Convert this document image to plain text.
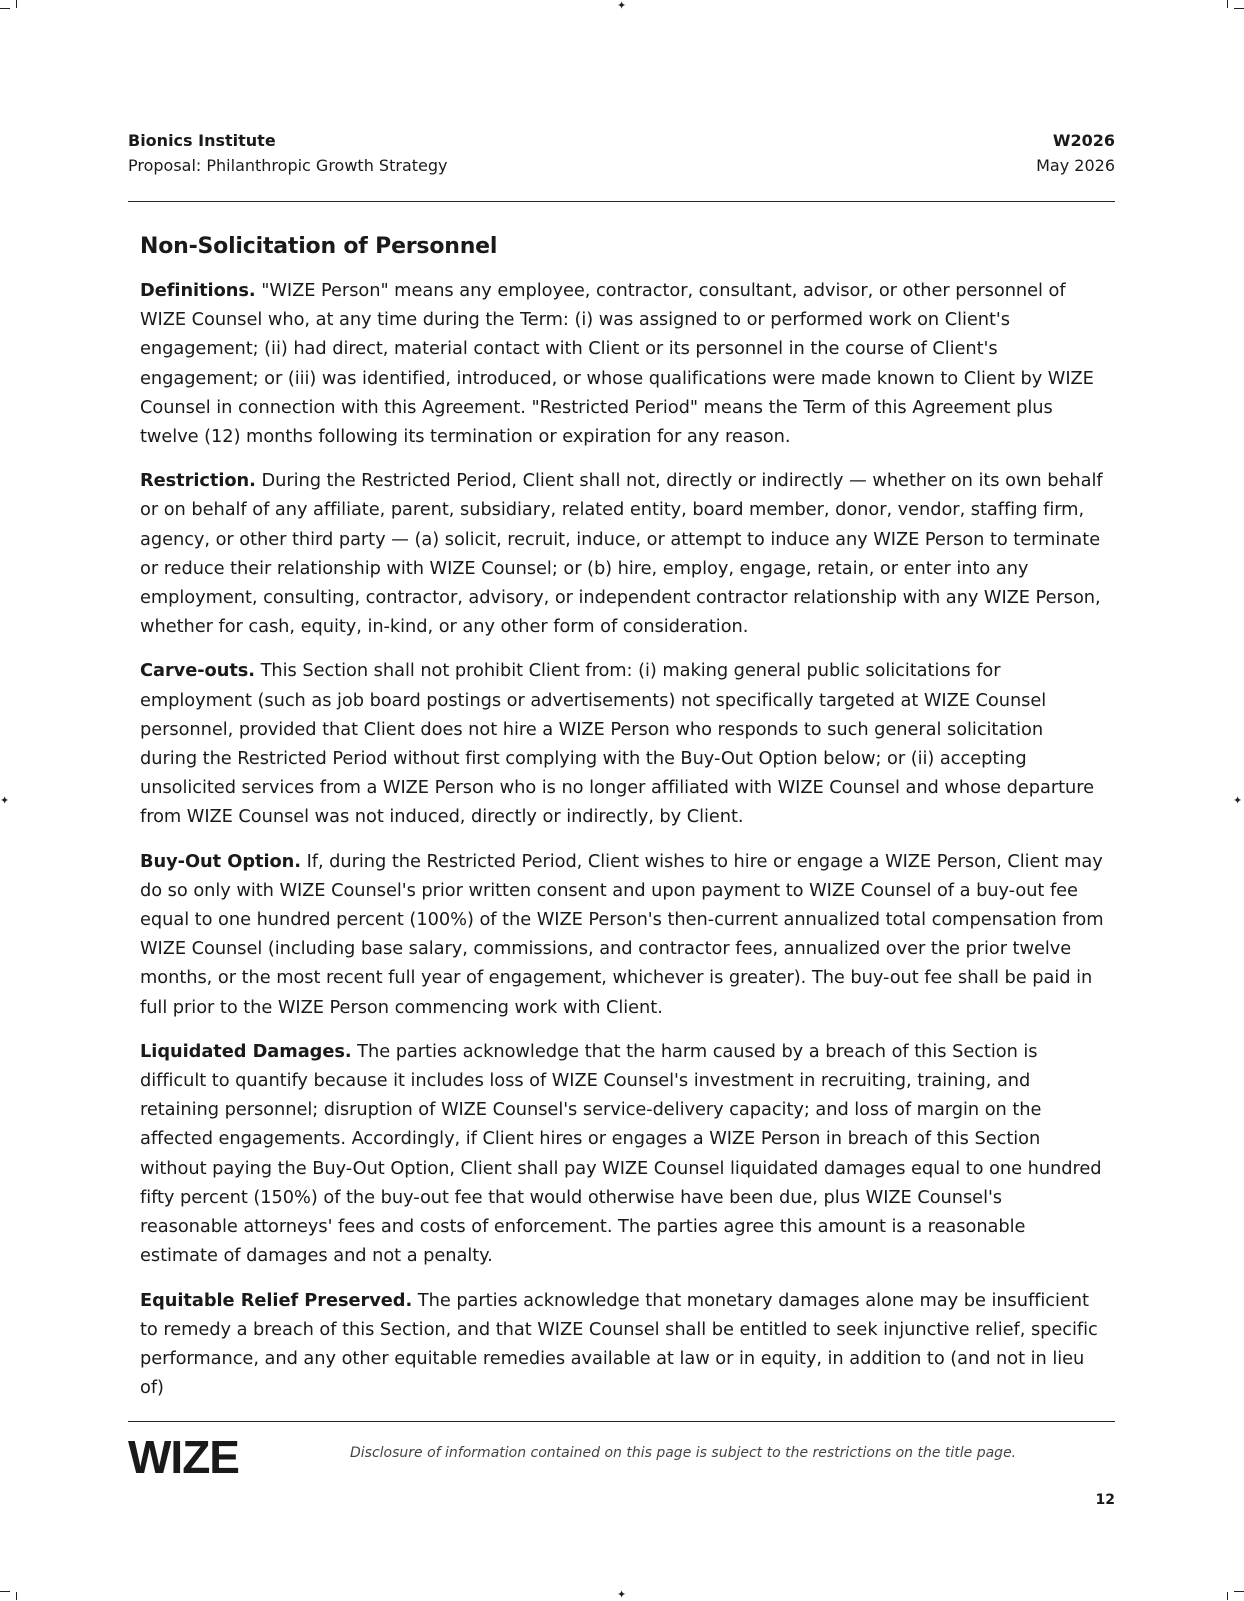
✦
✦
✦	✦
Bionics Institute
Proposal: Philanthropic Growth Strategy
W2026
May 2026
Non-Solicitation of Personnel

Definitions. "WIZE Person" means any employee, contractor, consultant, advisor, or other personnel of WIZE Counsel who, at any time during the Term: (i) was assigned to or performed work on Client's engagement; (ii) had direct, material contact with Client or its personnel in the course of Client's engagement; or (iii) was identified, introduced, or whose qualifications were made known to Client by WIZE Counsel in connection with this Agreement. "Restricted Period" means the Term of this Agreement plus twelve (12) months following its termination or expiration for any reason.

Restriction. During the Restricted Period, Client shall not, directly or indirectly — whether on its own behalf or on behalf of any affiliate, parent, subsidiary, related entity, board member, donor, vendor, staffing firm, agency, or other third party — (a) solicit, recruit, induce, or attempt to induce any WIZE Person to terminate or reduce their relationship with WIZE Counsel; or (b) hire, employ, engage, retain, or enter into any employment, consulting, contractor, advisory, or independent contractor relationship with any WIZE Person, whether for cash, equity, in-kind, or any other form of consideration.

Carve-outs. This Section shall not prohibit Client from: (i) making general public solicitations for employment (such as job board postings or advertisements) not specifically targeted at WIZE Counsel personnel, provided that Client does not hire a WIZE Person who responds to such general solicitation during the Restricted Period without first complying with the Buy-Out Option below; or (ii) accepting unsolicited services from a WIZE Person who is no longer affiliated with WIZE Counsel and whose departure from WIZE Counsel was not induced, directly or indirectly, by Client.

Buy-Out Option. If, during the Restricted Period, Client wishes to hire or engage a WIZE Person, Client may do so only with WIZE Counsel's prior written consent and upon payment to WIZE Counsel of a buy-out fee equal to one hundred percent (100%) of the WIZE Person's then-current annualized total compensation from WIZE Counsel (including base salary, commissions, and contractor fees, annualized over the prior twelve months, or the most recent full year of engagement, whichever is greater). The buy-out fee shall be paid in full prior to the WIZE Person commencing work with Client.

Liquidated Damages. The parties acknowledge that the harm caused by a breach of this Section is difficult to quantify because it includes loss of WIZE Counsel's investment in recruiting, training, and retaining personnel; disruption of WIZE Counsel's service-delivery capacity; and loss of margin on the affected engagements. Accordingly, if Client hires or engages a WIZE Person in breach of this Section without paying the Buy-Out Option, Client shall pay WIZE Counsel liquidated damages equal to one hundred fifty percent (150%) of the buy-out fee that would otherwise have been due, plus WIZE Counsel's reasonable attorneys' fees and costs of enforcement. The parties agree this amount is a reasonable estimate of damages and not a penalty.

Equitable Relief Preserved. The parties acknowledge that monetary damages alone may be insufficient to remedy a breach of this Section, and that WIZE Counsel shall be entitled to seek injunctive relief, specific performance, and any other equitable remedies available at law or in equity, in addition to (and not in lieu of)

WIZE	Disclosure of information contained on this page is subject to the restrictions on the title page.
12
